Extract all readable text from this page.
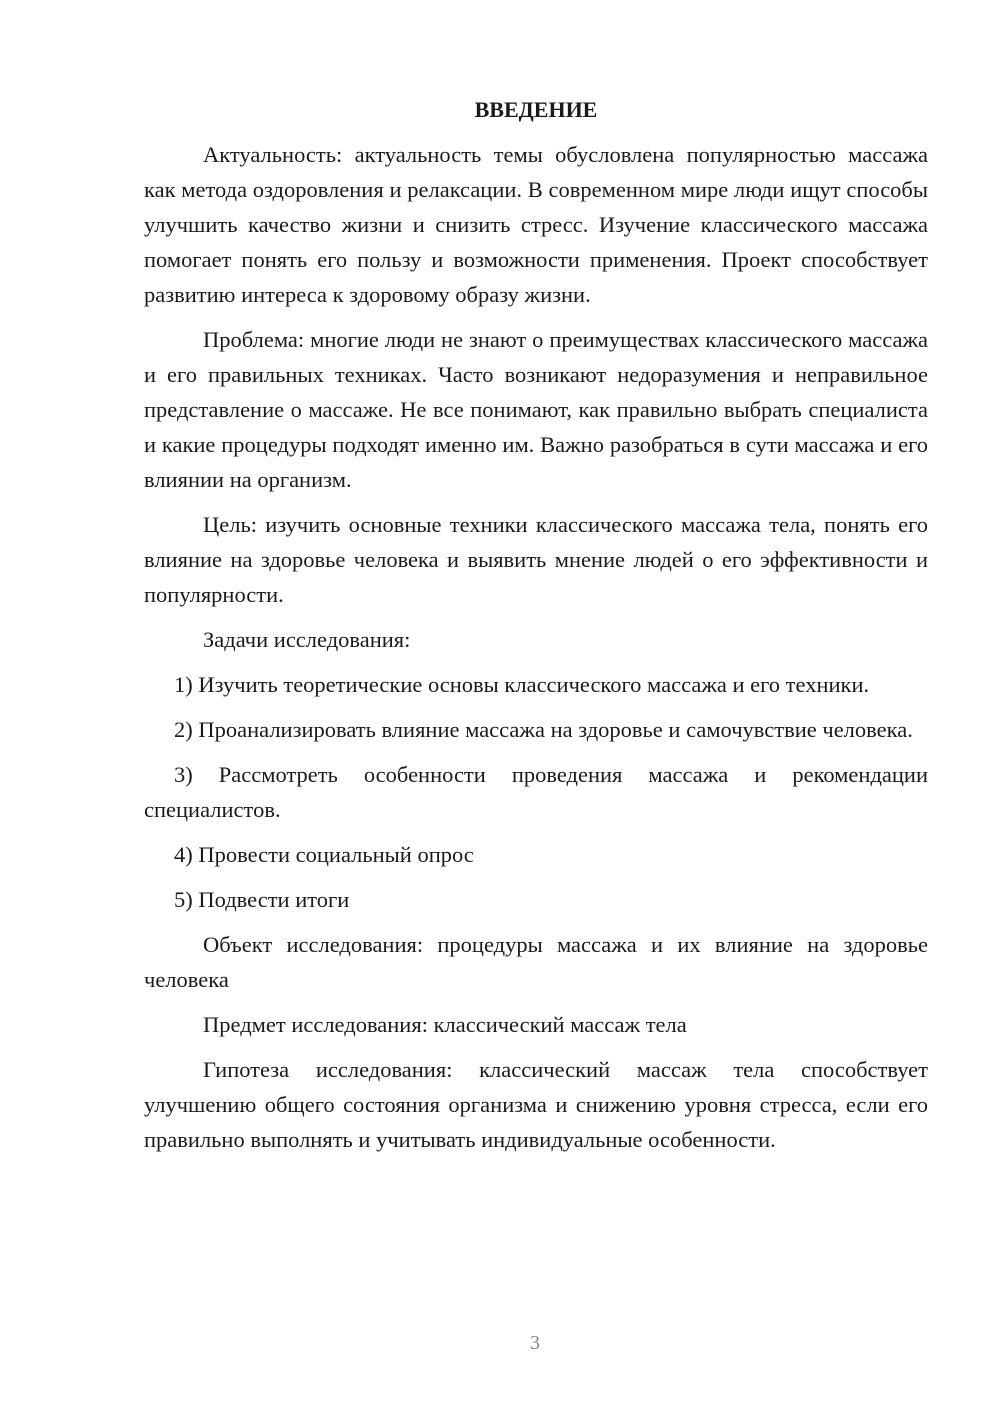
ВВЕДЕНИЕ

Актуальность: актуальность темы обусловлена популярностью массажа как метода оздоровления и релаксации. В современном мире люди ищут способы улучшить качество жизни и снизить стресс. Изучение классического массажа помогает понять его пользу и возможности применения. Проект способствует развитию интереса к здоровому образу жизни.

Проблема: многие люди не знают о преимуществах классического массажа и его правильных техниках. Часто возникают недоразумения и неправильное представление о массаже. Не все понимают, как правильно выбрать специалиста и какие процедуры подходят именно им. Важно разобраться в сути массажа и его влиянии на организм.

Цель: изучить основные техники классического массажа тела, понять его влияние на здоровье человека и выявить мнение людей о его эффективности и популярности.

Задачи исследования:

1) Изучить теоретические основы классического массажа и его техники.

2) Проанализировать влияние массажа на здоровье и самочувствие человека.

3) Рассмотреть особенности проведения массажа и рекомендации специалистов.

4) Провести социальный опрос

5) Подвести итоги

Объект исследования: процедуры массажа и их влияние на здоровье человека

Предмет исследования: классический массаж тела

Гипотеза исследования: классический массаж тела способствует улучшению общего состояния организма и снижению уровня стресса, если его правильно выполнять и учитывать индивидуальные особенности.

3
